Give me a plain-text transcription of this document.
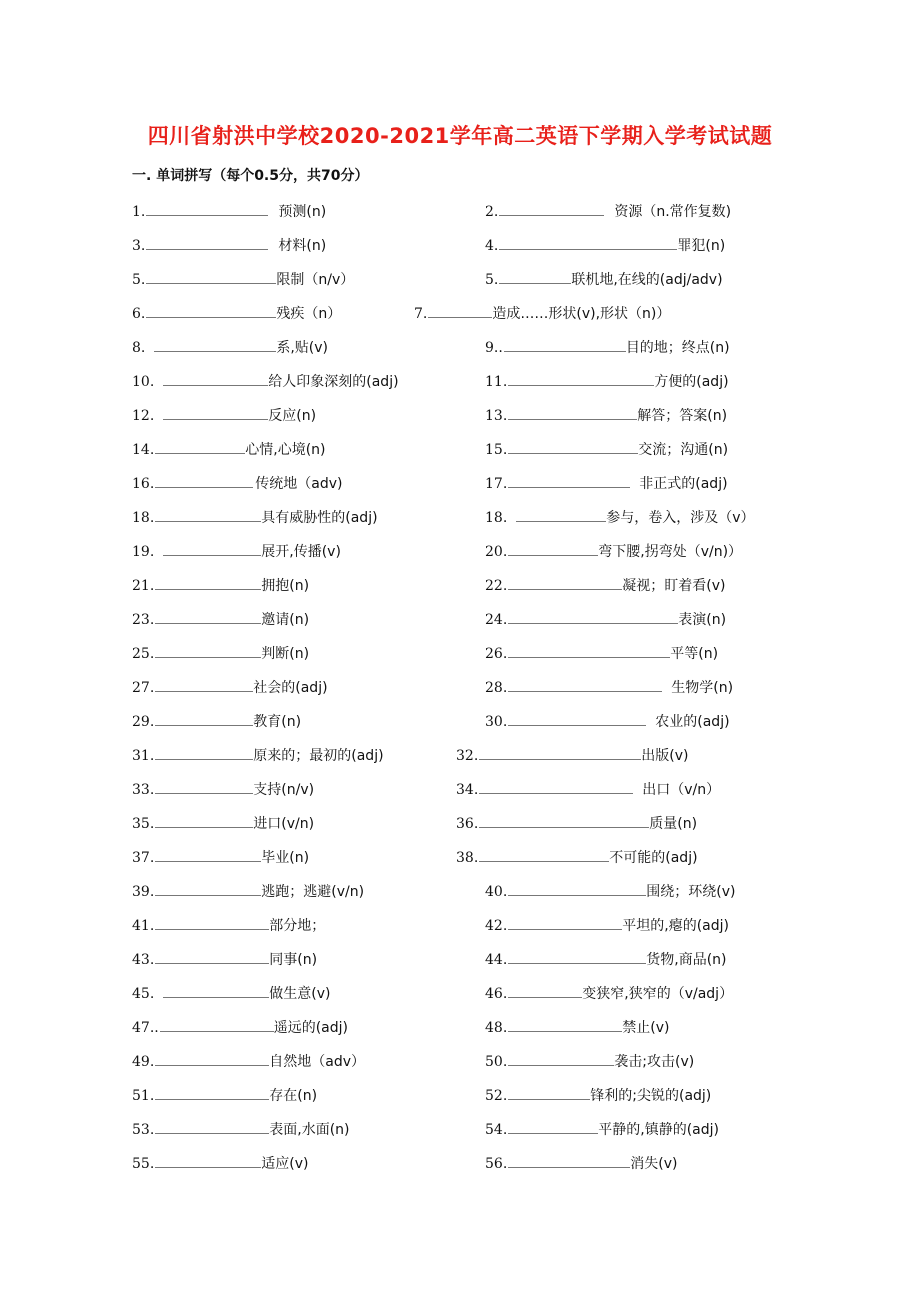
四川省射洪中学校2020-2021学年高二英语下学期入学考试试题
一. 单词拼写（每个0.5分，共70分）
1.	预测(n)	2.	资源（n.常作复数)
3.	材料(n)	4.	罪犯(n)
5.	限制（n/v）	5.	联机地,在线的(adj/adv)
6.	残疾（n）	7.	造成……形状(v),形状（n)）
8.	系,贴(v)	9..	目的地；终点(n)
10.	给人印象深刻的(adj)	11.	方便的(adj)
12.	反应(n)	13.	解答；答案(n)
14.	心情,心境(n)	15.	交流；沟通(n)
16.	传统地（adv)	17.	非正式的(adj)
18.	具有威胁性的(adj)	18.	参与，卷入，涉及（v）
19.	展开,传播(v)	20.	弯下腰,拐弯处（v/n)）
21.	拥抱(n)	22.	凝视；盯着看(v)
23.	邀请(n)	24.	表演(n)
25.	判断(n)	26.	平等(n)
27.	社会的(adj)	28.	生物学(n)
29.	教育(n)	30.	农业的(adj)
31.	原来的；最初的(adj)	32.	出版(v)
33.	支持(n/v)	34.	出口（v/n）
35.	进口(v/n)	36.	质量(n)
37.	毕业(n)	38.	不可能的(adj)
39.	逃跑；逃避(v/n)	40.	围绕；环绕(v)
41.	部分地；	42.	平坦的,瘪的(adj)
43.	同事(n)	44.	货物,商品(n)
45.	做生意(v)	46.	变狭窄,狭窄的（v/adj）
47..	遥远的(adj)	48.	禁止(v)
49.	自然地（adv）	50.	袭击;攻击(v)
51.	存在(n)	52.	锋利的;尖锐的(adj)
53.	表面,水面(n)	54.	平静的,镇静的(adj)
55.	适应(v)	56.	消失(v)
